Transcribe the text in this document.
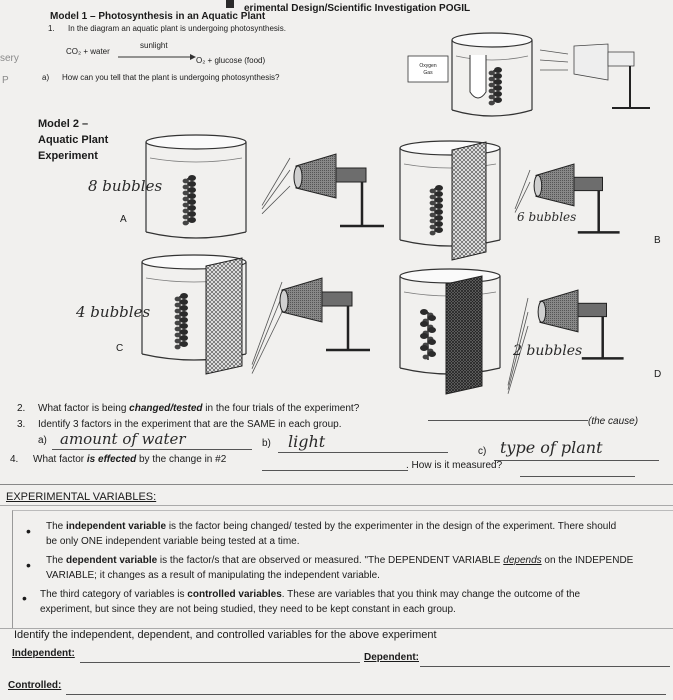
erimental Design/Scientific Investigation POGIL
Model 1 – Photosynthesis in an Aquatic Plant
1. In the diagram an aquatic plant is undergoing photosynthesis.
CO₂ + water
sunlight
O₂ + glucose (food)
a) How can you tell that the plant is undergoing photosynthesis?
Oxygen
Gas
sery
P
Model 2 –
Aquatic Plant
Experiment
A
B
C
D
8 bubbles
6 bubbles
4 bubbles
2 bubbles
2. What factor is being changed/tested in the four trials of the experiment?
(the cause)
3. Identify 3 factors in the experiment that are the SAME in each group.
a) amount of water	b) light
c) type of plant
4. What factor is effected by the change in #2
. How is it measured?
EXPERIMENTAL VARIABLES:
• The independent variable is the factor being changed/ tested by the experimenter in the design of the experiment. There should
be only ONE independent variable being tested at a time.
• The dependent variable is the factor/s that are observed or measured. "The DEPENDENT VARIABLE depends on the INDEPENDE
VARIABLE; it changes as a result of manipulating the independent variable.
• The third category of variables is controlled variables. These are variables that you think may change the outcome of the
experiment, but since they are not being studied, they need to be kept constant in each group.
Identify the independent, dependent, and controlled variables for the above experiment
Independent:	Dependent:
Controlled:
